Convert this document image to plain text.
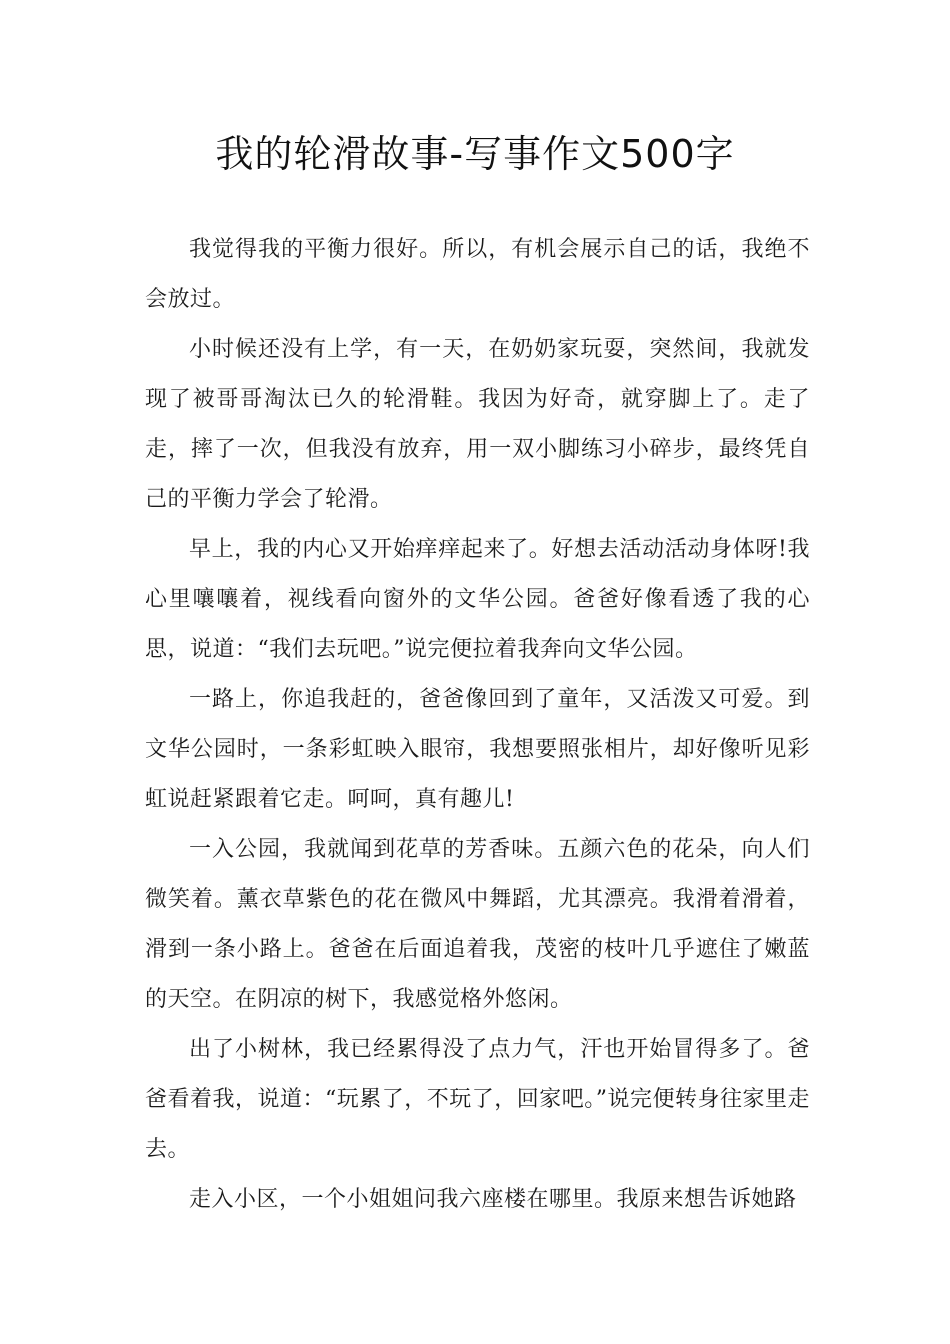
我的轮滑故事-写事作文500字

我觉得我的平衡力很好。所以，有机会展示自己的话，我绝不会放过。

小时候还没有上学，有一天，在奶奶家玩耍，突然间，我就发现了被哥哥淘汰已久的轮滑鞋。我因为好奇，就穿脚上了。走了走，摔了一次，但我没有放弃，用一双小脚练习小碎步，最终凭自己的平衡力学会了轮滑。

早上，我的内心又开始痒痒起来了。好想去活动活动身体呀!我心里嚷嚷着，视线看向窗外的文华公园。爸爸好像看透了我的心思，说道：“我们去玩吧。”说完便拉着我奔向文华公园。

一路上，你追我赶的，爸爸像回到了童年，又活泼又可爱。到文华公园时，一条彩虹映入眼帘，我想要照张相片，却好像听见彩虹说赶紧跟着它走。呵呵，真有趣儿!

一入公园，我就闻到花草的芳香味。五颜六色的花朵，向人们微笑着。薰衣草紫色的花在微风中舞蹈，尤其漂亮。我滑着滑着，滑到一条小路上。爸爸在后面追着我，茂密的枝叶几乎遮住了嫩蓝的天空。在阴凉的树下，我感觉格外悠闲。

出了小树林，我已经累得没了点力气，汗也开始冒得多了。爸爸看着我，说道：“玩累了，不玩了，回家吧。”说完便转身往家里走去。

走入小区，一个小姐姐问我六座楼在哪里。我原来想告诉她路
